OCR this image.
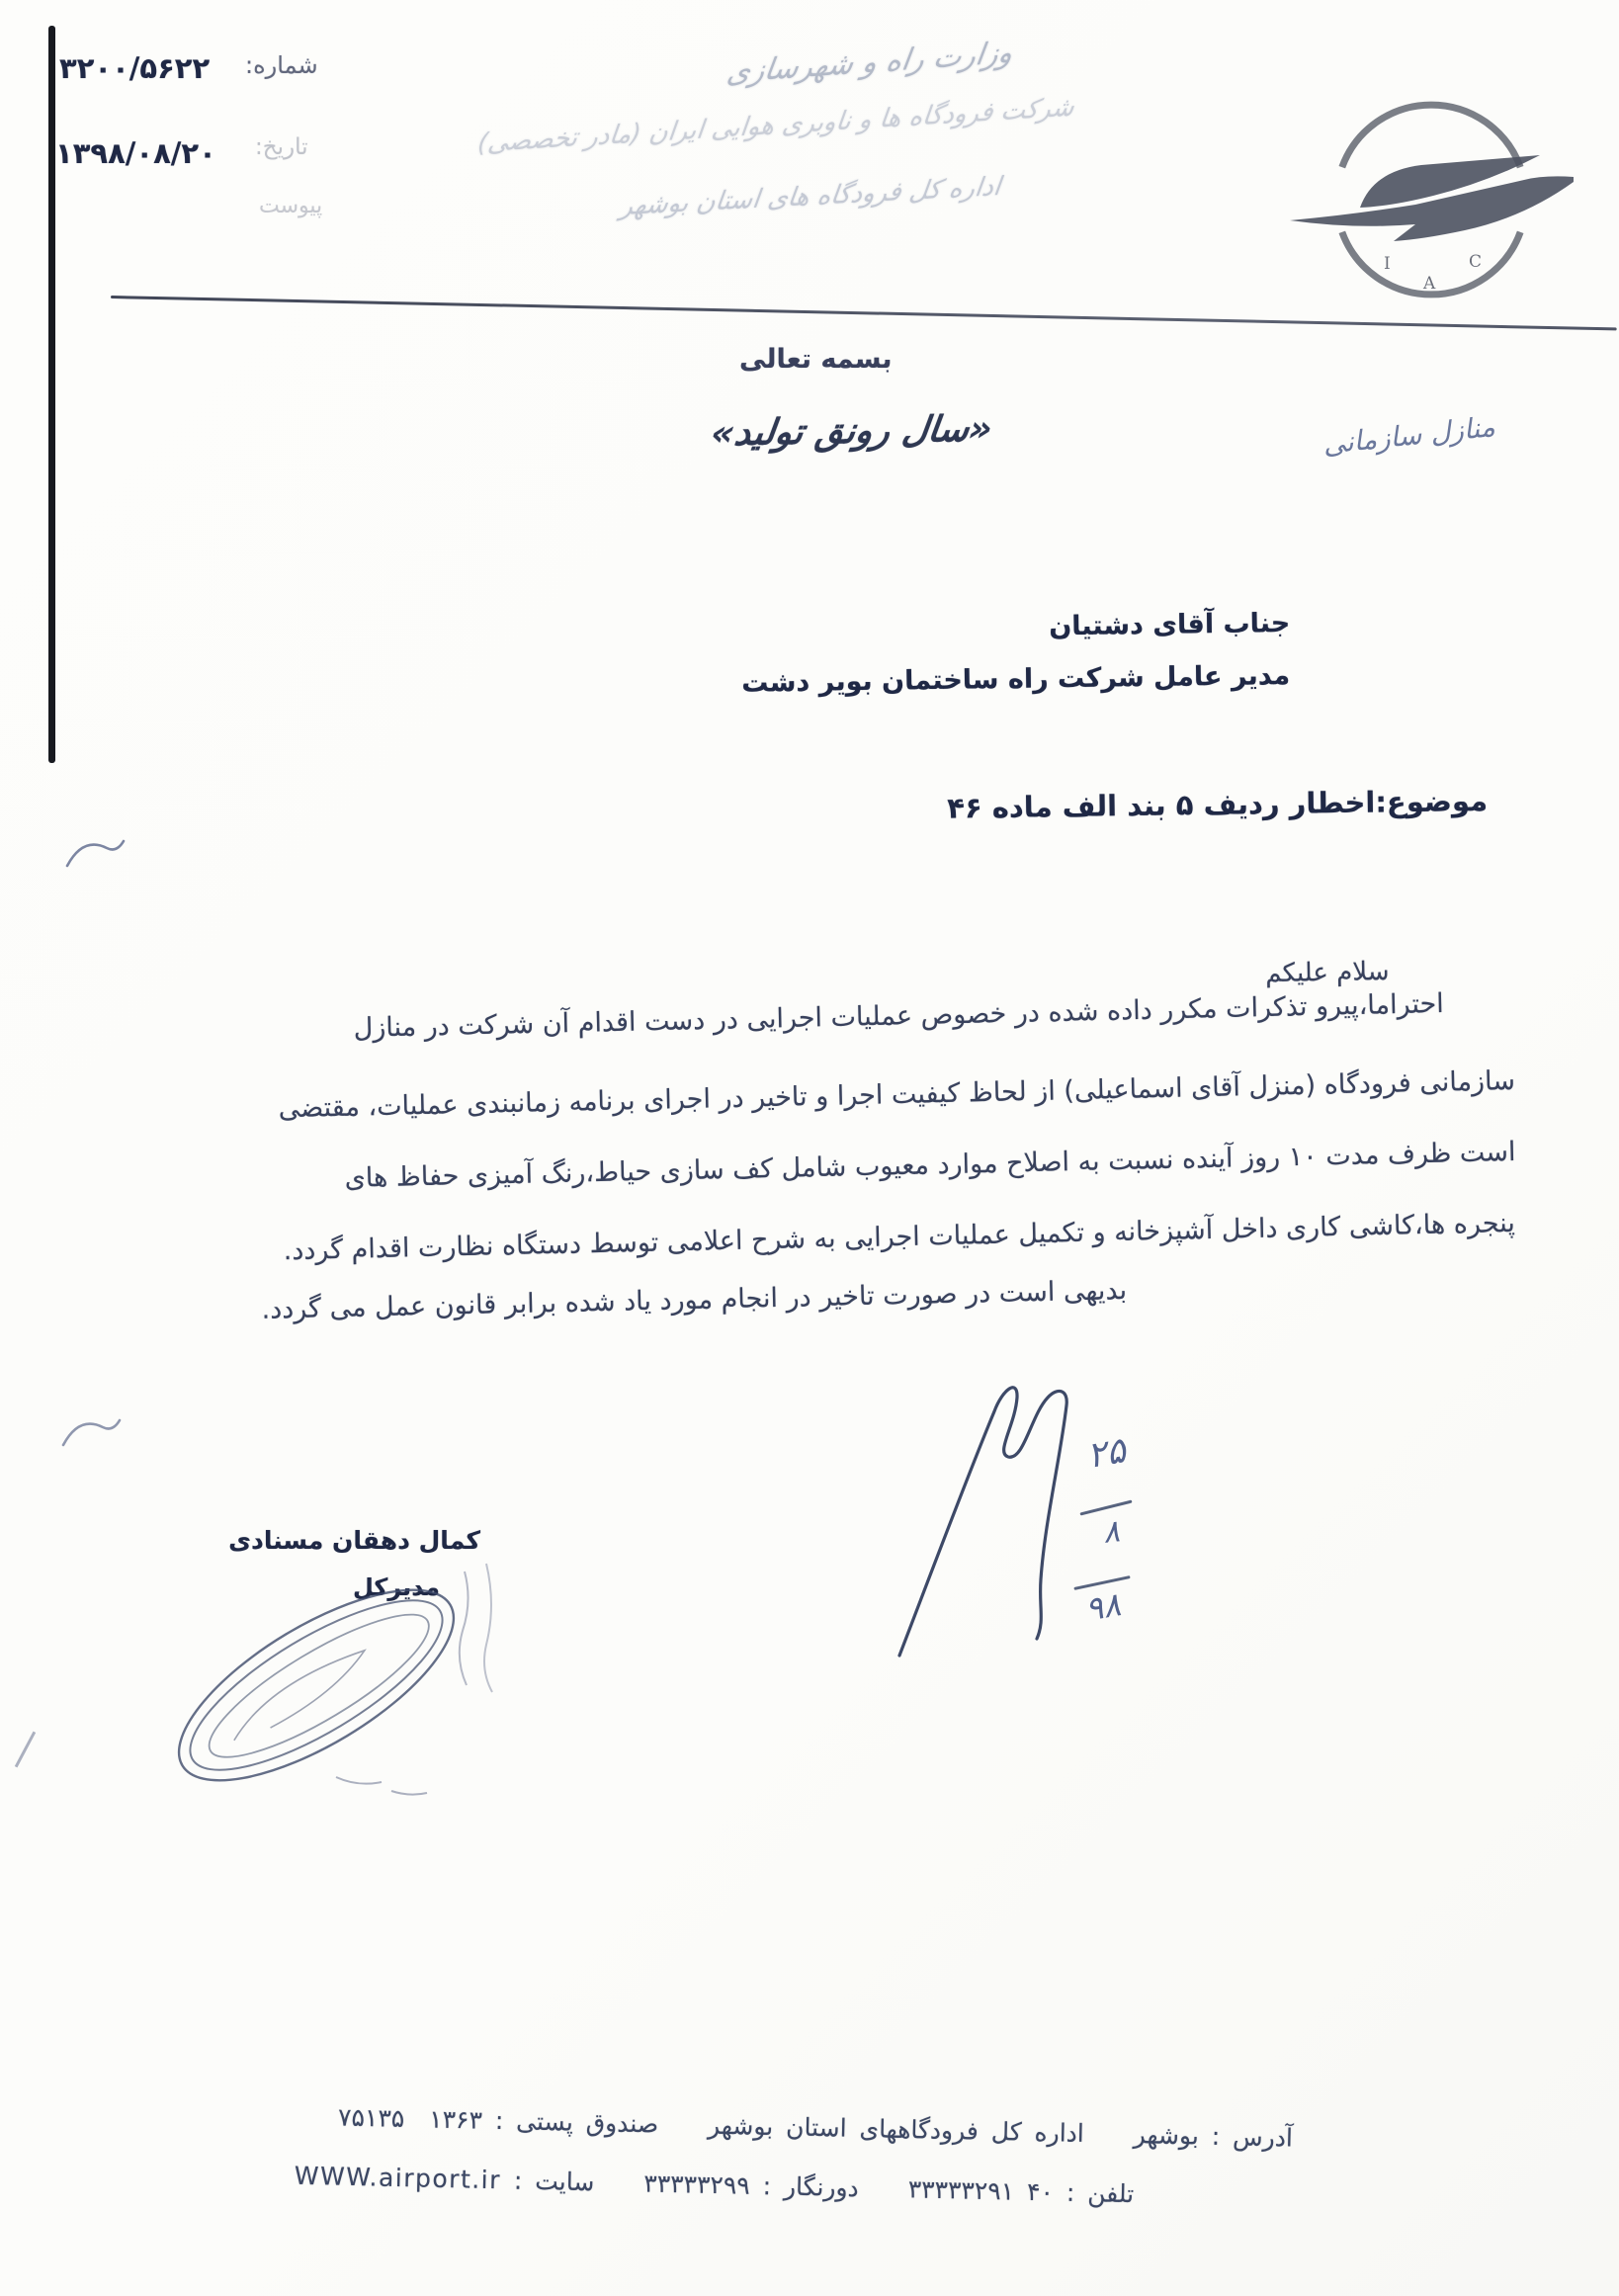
شماره:
۳۲۰۰/۵۶۲۲
تاریخ:
۱۳۹۸/۰۸/۲۰
پیوست
وزارت راه و شهرسازی
شرکت فرودگاه ها و ناوبری هوایی ایران (مادر تخصصی)
اداره کل فرودگاه های استان بوشهر
I
A
C
بسمه تعالی
«سال رونق تولید»	منازل سازمانی
جناب آقای دشتیان
مدیر عامل شرکت راه ساختمان بویر دشت
موضوع:اخطار ردیف ۵ بند الف ماده ۴۶
سلام علیکم
احتراما،پیرو تذکرات مکرر داده شده در خصوص عملیات اجرایی در دست اقدام آن شرکت در منازل
سازمانی فرودگاه (منزل آقای اسماعیلی) از لحاظ کیفیت اجرا و تاخیر در اجرای برنامه زمانبندی عملیات، مقتضی
است ظرف مدت ۱۰ روز آینده نسبت به اصلاح موارد معیوب شامل کف سازی حیاط،رنگ آمیزی حفاظ های
پنجره ها،کاشی کاری داخل آشپزخانه و تکمیل عملیات اجرایی به شرح اعلامی توسط دستگاه نظارت اقدام گردد.
بدیهی است در صورت تاخیر در انجام مورد یاد شده برابر قانون عمل می گردد.
۲۵
۸
۹۸
کمال دهقان مسنادی
مدیرکل
آدرس : بوشهر  اداره کل فرودگاههای استان بوشهر  صندوق پستی : ۱۳۶۳ ۷۵۱۳۵
تلفن : ۴۰ ۳۳۳۳۳۲۹۱  دورنگار : ۳۳۳۳۳۲۹۹  سایت : WWW.airport.ir
